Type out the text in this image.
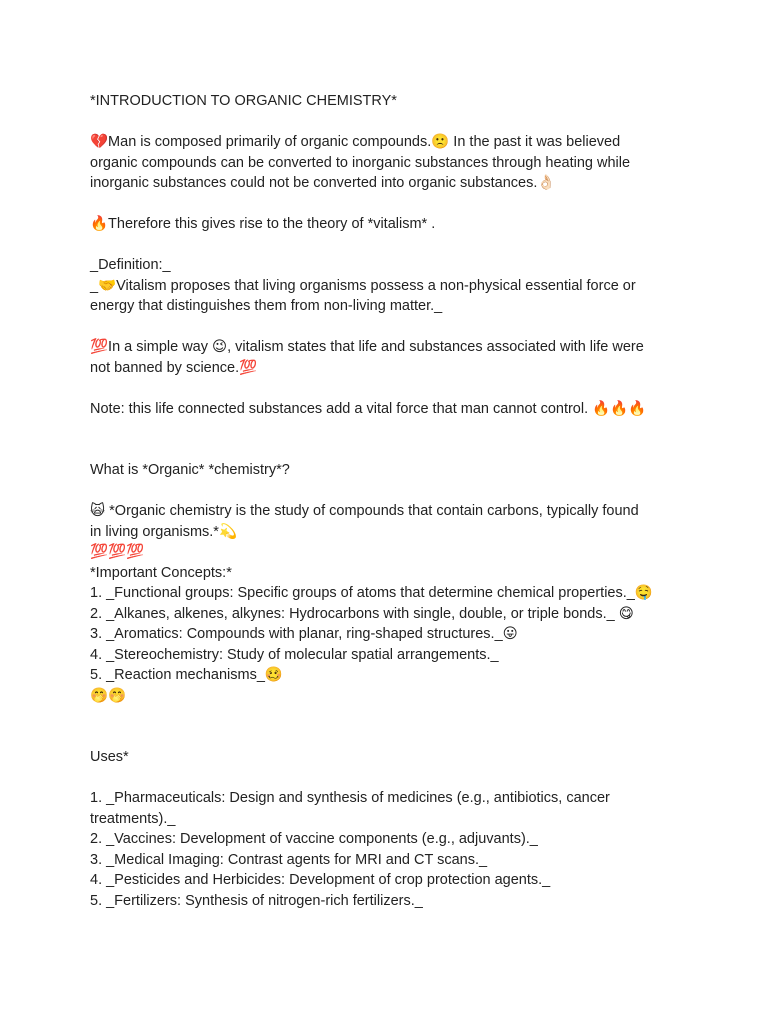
*INTRODUCTION TO ORGANIC CHEMISTRY*
💔Man is composed primarily of organic compounds.🙁 In the past it was believed
organic compounds can be converted to inorganic substances through heating while
inorganic substances could not be converted into organic substances.👌🏻
🔥Therefore this gives rise to the theory of *vitalism* .
_Definition:_
_🤝Vitalism proposes that living organisms possess a non-physical essential force or
energy that distinguishes them from non-living matter._
💯In a simple way 😉, vitalism states that life and substances associated with life were
not banned by science.💯
Note: this life connected substances add a vital force that man cannot control. 🔥🔥🔥
What is *Organic* *chemistry*?
🙀 *Organic chemistry is the study of compounds that contain carbons, typically found
in living organisms.*💫
💯💯💯
*Important Concepts:*
1. _Functional groups: Specific groups of atoms that determine chemical properties._🤤
2. _Alkanes, alkenes, alkynes: Hydrocarbons with single, double, or triple bonds._ 😋
3. _Aromatics: Compounds with planar, ring-shaped structures._😛
4. _Stereochemistry: Study of molecular spatial arrangements._
5. _Reaction mechanisms_🥴
🤭🤭
Uses*
1. _Pharmaceuticals: Design and synthesis of medicines (e.g., antibiotics, cancer
treatments)._
2. _Vaccines: Development of vaccine components (e.g., adjuvants)._
3. _Medical Imaging: Contrast agents for MRI and CT scans._
4. _Pesticides and Herbicides: Development of crop protection agents._
5. _Fertilizers: Synthesis of nitrogen-rich fertilizers._
